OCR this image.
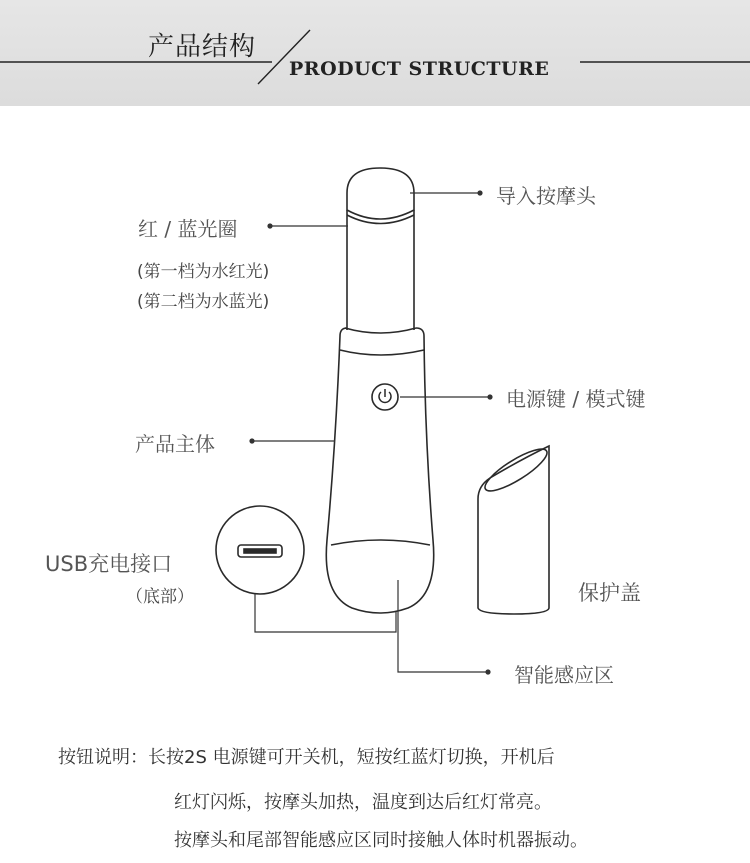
产品结构
PRODUCT STRUCTURE
导入按摩头
红 / 蓝光圈
(第一档为水红光)
(第二档为水蓝光)
电源键 / 模式键
产品主体
USB充电接口
（底部）	保护盖
智能感应区
按钮说明：长按2S 电源键可开关机，短按红蓝灯切换，开机后
红灯闪烁，按摩头加热，温度到达后红灯常亮。
按摩头和尾部智能感应区同时接触人体时机器振动。
